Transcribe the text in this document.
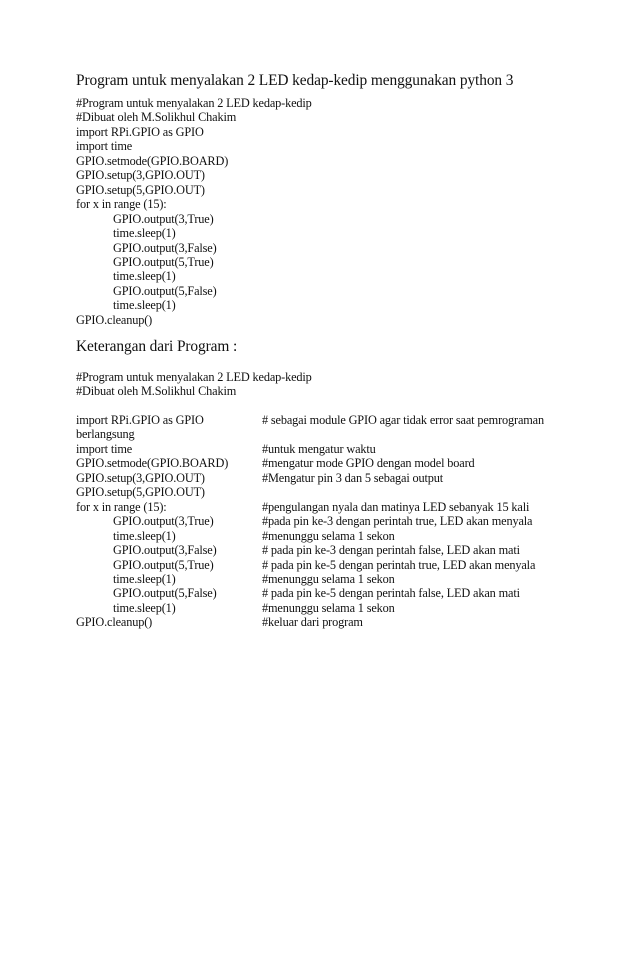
Program untuk menyalakan 2 LED kedap-kedip menggunakan python 3
#Program untuk menyalakan 2 LED kedap-kedip
#Dibuat oleh M.Solikhul Chakim
import RPi.GPIO as GPIO
import time
GPIO.setmode(GPIO.BOARD)
GPIO.setup(3,GPIO.OUT)
GPIO.setup(5,GPIO.OUT)
for x in range (15):
GPIO.output(3,True)
time.sleep(1)
GPIO.output(3,False)
GPIO.output(5,True)
time.sleep(1)
GPIO.output(5,False)
time.sleep(1)
GPIO.cleanup()
Keterangan dari Program :
#Program untuk menyalakan 2 LED kedap-kedip
#Dibuat oleh M.Solikhul Chakim
import RPi.GPIO as GPIO	# sebagai module GPIO agar tidak error saat pemrograman
berlangsung
import time	#untuk mengatur waktu
GPIO.setmode(GPIO.BOARD)	#mengatur mode GPIO dengan model board
GPIO.setup(3,GPIO.OUT)	#Mengatur pin 3 dan 5 sebagai output
GPIO.setup(5,GPIO.OUT)
for x in range (15):	#pengulangan nyala dan matinya LED sebanyak 15 kali
GPIO.output(3,True)	#pada pin ke-3 dengan perintah true, LED akan menyala
time.sleep(1)	#menunggu selama 1 sekon
GPIO.output(3,False)	# pada pin ke-3 dengan perintah false, LED akan mati
GPIO.output(5,True)	# pada pin ke-5 dengan perintah true, LED akan menyala
time.sleep(1)	#menunggu selama 1 sekon
GPIO.output(5,False)	# pada pin ke-5 dengan perintah false, LED akan mati
time.sleep(1)	#menunggu selama 1 sekon
GPIO.cleanup()	#keluar dari program
